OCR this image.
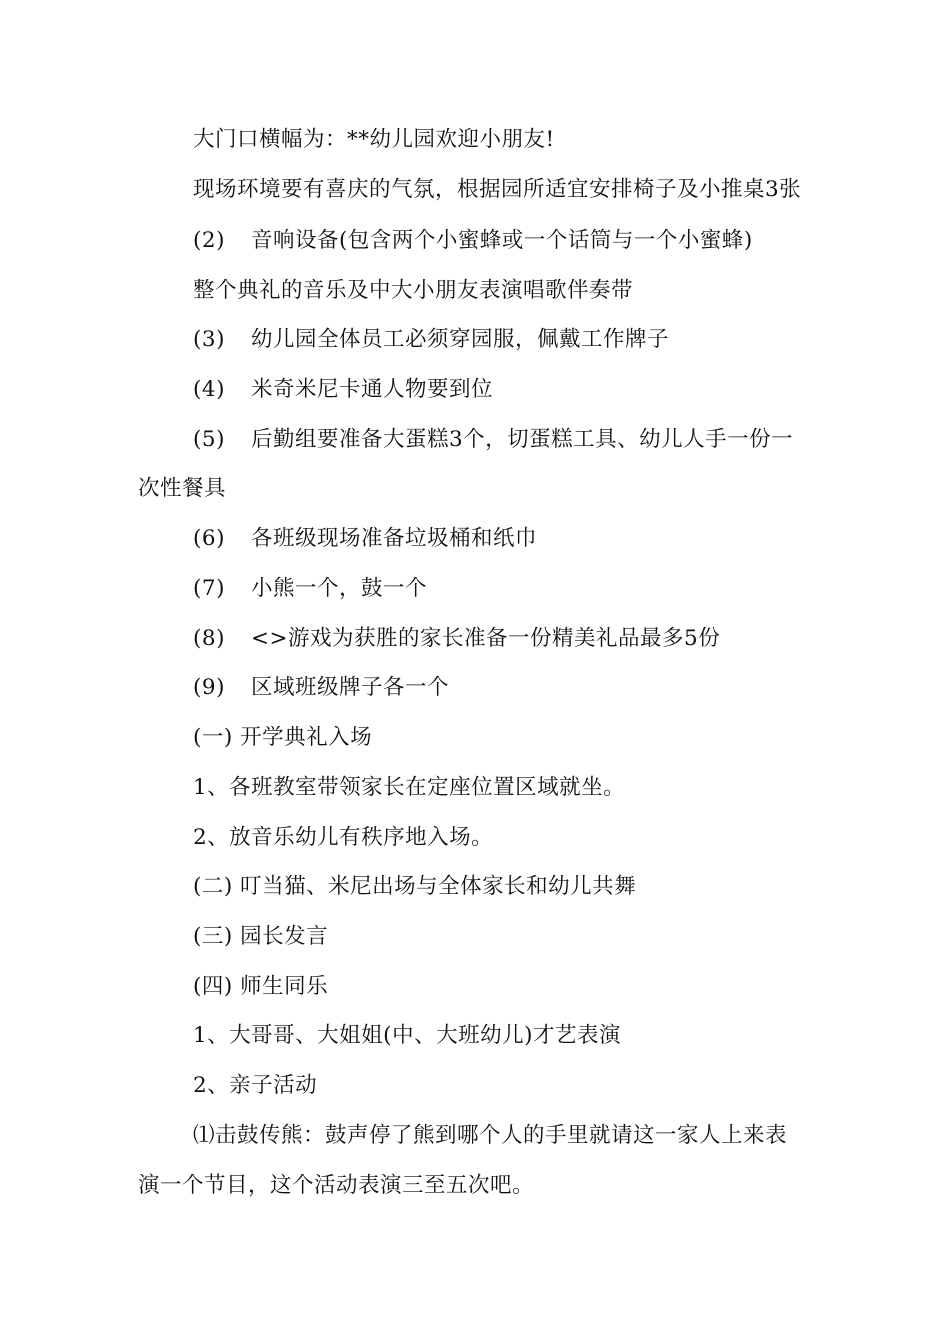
大门口横幅为：**幼儿园欢迎小朋友!
现场环境要有喜庆的气氛，根据园所适宜安排椅子及小推桌3张
(2) 音响设备(包含两个小蜜蜂或一个话筒与一个小蜜蜂)
整个典礼的音乐及中大小朋友表演唱歌伴奏带
(3) 幼儿园全体员工必须穿园服，佩戴工作牌子
(4) 米奇米尼卡通人物要到位
(5) 后勤组要准备大蛋糕3个，切蛋糕工具、幼儿人手一份一
次性餐具
(6) 各班级现场准备垃圾桶和纸巾
(7) 小熊一个，鼓一个
(8) <>游戏为获胜的家长准备一份精美礼品最多5份
(9) 区域班级牌子各一个
(一) 开学典礼入场
1、各班教室带领家长在定座位置区域就坐。
2、放音乐幼儿有秩序地入场。
(二) 叮当猫、米尼出场与全体家长和幼儿共舞
(三) 园长发言
(四) 师生同乐
1、大哥哥、大姐姐(中、大班幼儿)才艺表演
2、亲子活动
⑴击鼓传熊：鼓声停了熊到哪个人的手里就请这一家人上来表
演一个节目，这个活动表演三至五次吧。
